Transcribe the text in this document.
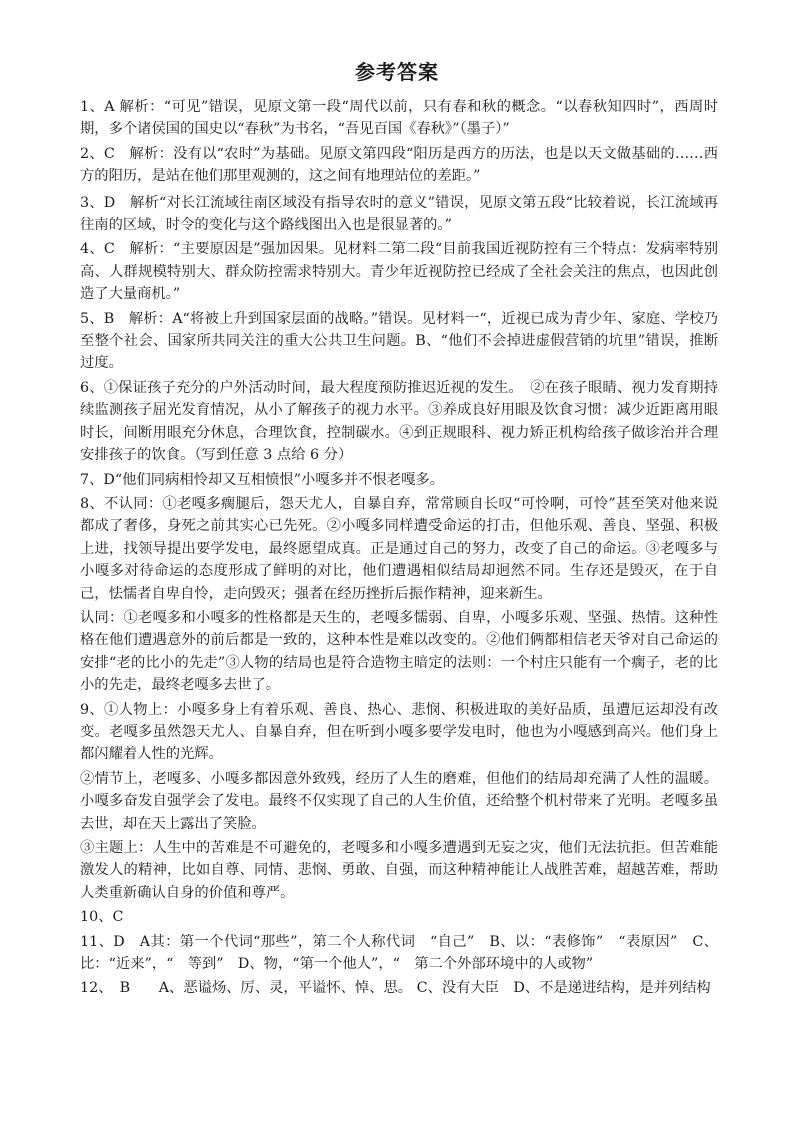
参考答案

1、A 解析：“可见”错误，见原文第一段“周代以前，只有春和秋的概念。“以春秋知四时”，西周时期，多个诸侯国的国史以“春秋”为书名，“吾见百国《春秋》”（墨子）”

2、C　解析：没有以“农时”为基础。见原文第四段“阳历是西方的历法，也是以天文做基础的……西方的阳历，是站在他们那里观测的，这之间有地理站位的差距。”

3、D　解析“对长江流域往南区域没有指导农时的意义”错误，见原文第五段“比较着说，长江流域再往南的区域，时令的变化与这个路线图出入也是很显著的。”

4、C　解析：“主要原因是”强加因果。见材料二第二段“目前我国近视防控有三个特点：发病率特别高、人群规模特别大、群众防控需求特别大。青少年近视防控已经成了全社会关注的焦点，也因此创造了大量商机。”

5、B　解析：A“将被上升到国家层面的战略。”错误。见材料一“，近视已成为青少年、家庭、学校乃至整个社会、国家所共同关注的重大公共卫生问题。B、“他们不会掉进虚假营销的坑里”错误，推断过度。

6、①保证孩子充分的户外活动时间，最大程度预防推迟近视的发生。　②在孩子眼睛、视力发育期持续监测孩子屈光发育情况，从小了解孩子的视力水平。③养成良好用眼及饮食习惯：减少近距离用眼时长，间断用眼充分休息，合理饮食，控制碳水。④到正规眼科、视力矫正机构给孩子做诊治并合理安排孩子的饮食。（写到任意 3 点给 6 分）

7、D“他们同病相怜却又互相愤恨”小嘎多并不恨老嘎多。

8、不认同：①老嘎多瘸腿后，怨天尤人，自暴自弃，常常顾自长叹“可怜啊，可怜”甚至笑对他来说都成了奢侈，身死之前其实心已先死。②小嘎多同样遭受命运的打击，但他乐观、善良、坚强、积极上进，找领导提出要学发电，最终愿望成真。正是通过自己的努力，改变了自己的命运。③老嘎多与小嘎多对待命运的态度形成了鲜明的对比，他们遭遇相似结局却迥然不同。生存还是毁灭，在于自己，怯懦者自卑自怜，走向毁灭；强者在经历挫折后振作精神，迎来新生。

认同：①老嘎多和小嘎多的性格都是天生的，老嘎多懦弱、自卑，小嘎多乐观、坚强、热情。这种性格在他们遭遇意外的前后都是一致的，这种本性是难以改变的。②他们俩都相信老天爷对自己命运的安排“老的比小的先走”③人物的结局也是符合造物主暗定的法则：一个村庄只能有一个瘸子，老的比小的先走，最终老嘎多去世了。

9、①人物上：小嘎多身上有着乐观、善良、热心、悲悯、积极进取的美好品质，虽遭厄运却没有改变。老嘎多虽然怨天尤人、自暴自弃，但在听到小嘎多要学发电时，他也为小嘎感到高兴。他们身上都闪耀着人性的光辉。

②情节上，老嘎多、小嘎多都因意外致残，经历了人生的磨难，但他们的结局却充满了人性的温暖。小嘎多奋发自强学会了发电。最终不仅实现了自己的人生价值，还给整个机村带来了光明。老嘎多虽去世，却在天上露出了笑脸。

③主题上：人生中的苦难是不可避免的，老嘎多和小嘎多遭遇到无妄之灾，他们无法抗拒。但苦难能激发人的精神，比如自尊、同情、悲悯、勇敢、自强，而这种精神能让人战胜苦难，超越苦难，帮助人类重新确认自身的价值和尊严。

10、C

11、D　A其：第一个代词“那些”，第二个人称代词　“自己”　B、以：“表修饰”　“表原因”　C、比：“近来”，“　等到”　D、物，“第一个他人”，“　第二个外部环境中的人或物”

12、　B　　A、恶谥炀、厉、灵，平谥怀、悼、思。 C、没有大臣　D、不是递进结构，是并列结构
